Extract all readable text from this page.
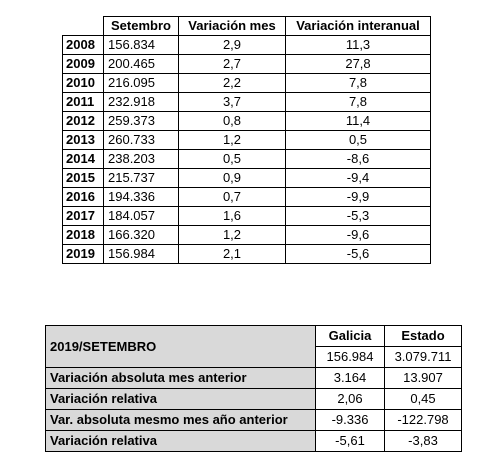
	Setembro	Variación mes	Variación interanual
2008	156.834	2,9	11,3
2009	200.465	2,7	27,8
2010	216.095	2,2	7,8
2011	232.918	3,7	7,8
2012	259.373	0,8	11,4
2013	260.733	1,2	0,5
2014	238.203	0,5	-8,6
2015	215.737	0,9	-9,4
2016	194.336	0,7	-9,9
2017	184.057	1,6	-5,3
2018	166.320	1,2	-9,6
2019	156.984	2,1	-5,6
2019/SETEMBRO	Galicia	Estado
	156.984	3.079.711
Variación absoluta mes anterior	3.164	13.907
Variación relativa	2,06	0,45
Var. absoluta mesmo mes año anterior	-9.336	-122.798
Variación relativa	-5,61	-3,83
